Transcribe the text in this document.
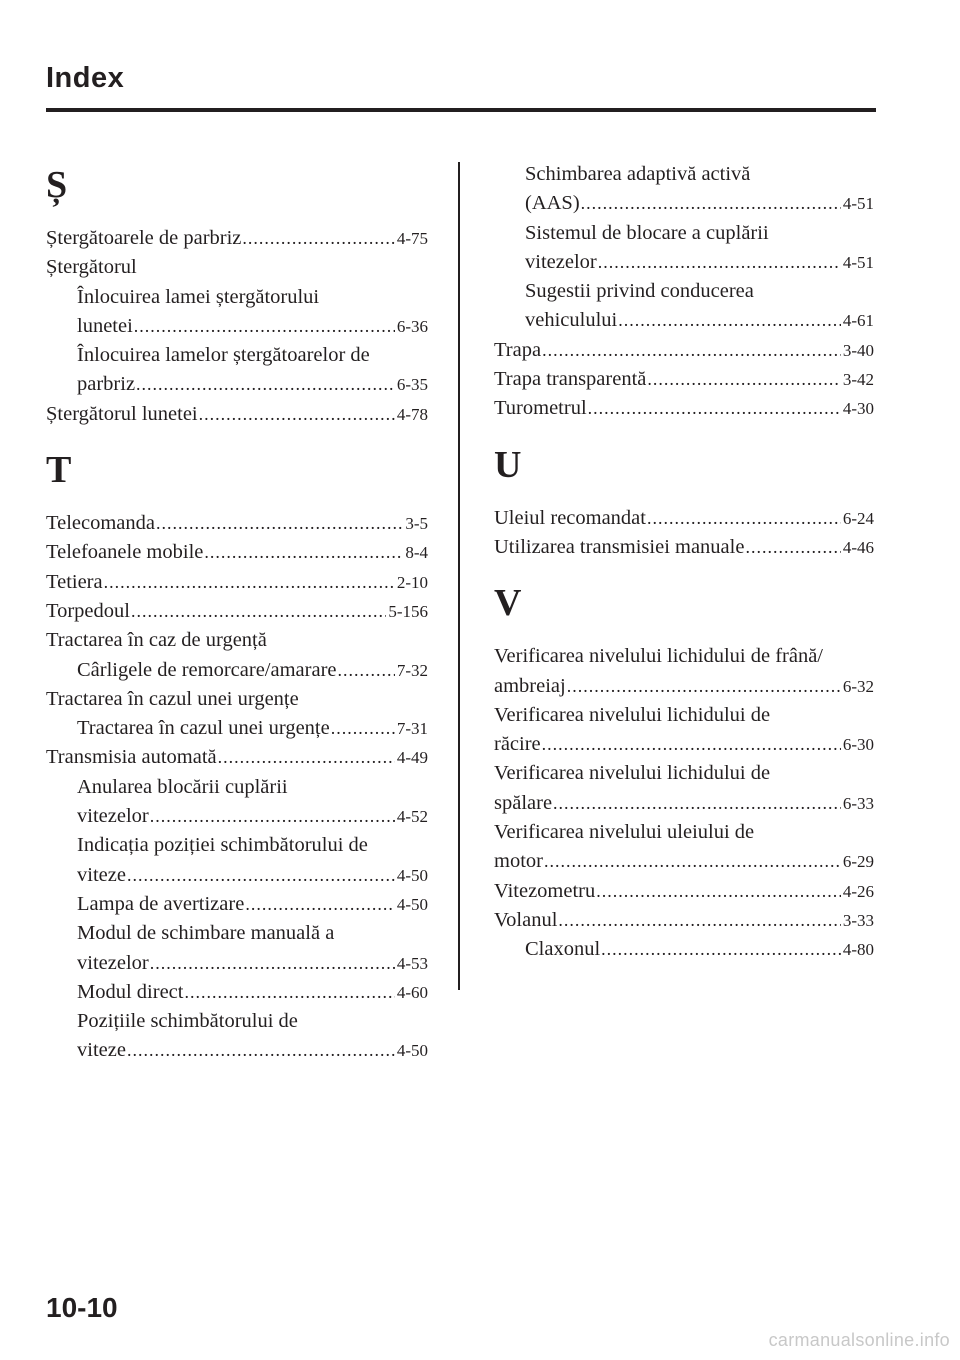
Index
Ș
Ștergătoarele de parbriz .....	4-75
Ștergătorul
Înlocuirea lamei ștergătorului
lunetei .....	6-36
Înlocuirea lamelor ștergătoarelor de
parbriz .....	6-35
Ștergătorul lunetei .....	4-78
T
Telecomanda .....	3-5
Telefoanele mobile .....	8-4
Tetiera .....	2-10
Torpedoul .....	5-156
Tractarea în caz de urgență
Cârligele de remorcare/amarare .....	7-32
Tractarea în cazul unei urgențe
Tractarea în cazul unei urgențe .....	7-31
Transmisia automată .....	4-49
Anularea blocării cuplării
vitezelor .....	4-52
Indicația poziției schimbătorului de
viteze .....	4-50
Lampa de avertizare .....	4-50
Modul de schimbare manuală a
vitezelor .....	4-53
Modul direct .....	4-60
Pozițiile schimbătorului de
viteze .....	4-50
Schimbarea adaptivă activă
(AAS) .....	4-51
Sistemul de blocare a cuplării
vitezelor .....	4-51
Sugestii privind conducerea
vehiculului .....	4-61
Trapa .....	3-40
Trapa transparentă .....	3-42
Turometrul .....	4-30
U
Uleiul recomandat .....	6-24
Utilizarea transmisiei manuale .....	4-46
V
Verificarea nivelului lichidului de frână/
ambreiaj .....	6-32
Verificarea nivelului lichidului de
răcire .....	6-30
Verificarea nivelului lichidului de
spălare .....	6-33
Verificarea nivelului uleiului de
motor .....	6-29
Vitezometru .....	4-26
Volanul .....	3-33
Claxonul .....	4-80
10-10
carmanualsonline.info
